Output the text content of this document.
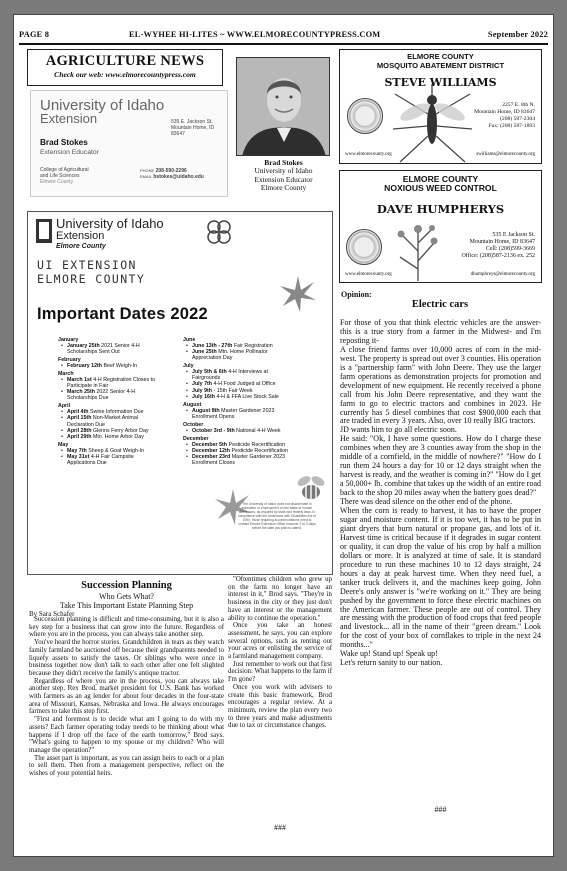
PAGE 8	EL-WYHEE HI-LITES ~ WWW.ELMORECOUNTYPRESS.COM	September 2022
AGRICULTURE NEWS
Check our web: www.elmorecountypress.com
University of Idaho
Extension	535 E. Jackson St.
Mountain Home, ID 83647
Brad Stokes
Extension Educator
College of Agricultural
and Life Sciences
Elmore County
PHONE 208-590-2296
EMAIL bstokes@uidaho.edu
Brad Stokes
University of Idaho
Extension Educator
Elmore County
ELMORE COUNTY
MOSQUITO ABATEMENT DISTRICT
STEVE WILLIAMS
2257 E. 8th N.
Mountain Home, ID 83647
(208) 587-2304
Fax: (208) 587-1893
www.elmorecounty.org	swilliams@elmorecounty.org
ELMORE COUNTY
NOXIOUS WEED CONTROL
DAVE HUMPHERYS
535 E Jackson St.
Mountain Home, ID 83647
Cell: (208)599-3669
Office: (208)587-2136 ex. 252
www.elmorecounty.org	dhumphreys@elmorecounty.org
University of Idaho
Extension
Elmore County
UI EXTENSION
ELMORE COUNTY
Important Dates 2022
January
• January 25th 2021 Senior 4-H Scholarships Sent Out
February
• February 12th Beef Weigh-In
March
• March 1st 4-H Registration Closes to Participate in Fair
• March 25th 2022 Senior 4-H Scholarships Due
April
• April 4th Swine Information Due
• April 15th Non-Market Animal Declaration Due
• April 28th Glenns Ferry Arbor Day
• April 29th Mtn. Home Arbor Day
May
• May 7th Sheep & Goat Weigh-In
• May 31st 4-H Fair Campsite Applications Due
June
• June 13th - 27th Fair Registration
• June 25th Mtn. Home Pollinator Appreciation Day
July
• July 5th & 6th 4-H Interviews at Fairgrounds
• July 7th 4-H Food Judged at Office
• July 9th - 15th Fair Week
• July 16th 4-H & FFA Live Stock Sale
August
• August 8th Master Gardener 2023 Enrollment Opens
October
• October 3rd - 9th National 4-H Week
December
• December 5th Pesticide Recertification
• December 12th Pesticide Recertification
• December 23rd Master Gardener 2023 Enrollment Closes
The University of Idaho does not discriminate in education or employment on the basis of human differences, as required by state and federal laws. In compliance with the Americans with Disabilities Act of 1990, those requiring accommodations need to contact Elmore Extension Office however 2 to 3 days before the date you plan to attend.
Succession Planning
Who Gets What?
Take This Important Estate Planning Step
By Sara Schafer

Succession planning is difficult and time-consuming, but it is also a key step for a business that can grow into the future. Regardless of where you are in the process, you can always take another step.

You've heard the horror stories. Grandchildren in tears as they watch family farmland be auctioned off because their grandparents needed to liquefy assets to satisfy the taxes. Or siblings who were once in business together now don't talk to each other after one felt slighted because they didn't receive the family's antique tractor.

Regardless of where you are in the process, you can always take another step. Rex Brod, market president for U.S. Bank has worked with farmers as an ag lender for about four decades in the four-state area of Missouri, Kansas, Nebraska and Iowa. He always encourages farmers to take this step first.

"First and foremost is to decide what am I going to do with my assets? Each farmer operating today needs to be thinking about what happens if I drop off the face of the earth tomorrow," Brod says. "What's going to happen to my spouse or my children? Who will manage the operation?"

The asset part is important, as you can assign heirs to each or a plan to sell them. Then from a management perspective, reflect on the wishes of your potential heirs.

"Oftentimes children who grew up on the farm no longer have an interest in it," Brod says. "They're in business in the city or they just don't have an interest or the management ability to continue the operation."

Once you take an honest assessment, he says, you can explore several options, such as renting out your acres or enlisting the service of a farmland management company.

Just remember to work out that first decision: What happens to the farm if I'm gone?

Once you work with advisers to create this basic framework, Brod encourages a regular review. At a minimum, review the plan every two to three years and make adjustments due to tax or circumstance changes.

###
Opinion:
Electric cars

For those of you that think electric vehicles are the answer- this is a true story from a farmer in the Midwest- and I'm reposting it-

A close friend farms over 10,000 acres of corn in the mid-west. The property is spread out over 3 counties. His operation is a "partnership farm" with John Deere. They use the larger farm operations as demonstration projects for promotion and development of new equipment. He recently received a phone call from his John Deere representative, and they want the farm to go to electric tractors and combines in 2023. He currently has 5 diesel combines that cost $900,000 each that are traded in every 3 years. Also, over 10 really BIG tractors.

JD wants him to go all electric soon.

He said: "Ok, I have some questions. How do I charge these combines when they are 3 counties away from the shop in the middle of a cornfield, in the middle of nowhere?" "How do I run them 24 hours a day for 10 or 12 days straight when the harvest is ready, and the weather is coming in?" "How do I get a 50,000+ lb. combine that takes up the width of an entire road back to the shop 20 miles away when the battery goes dead?"

There was dead silence on the other end of the phone.

When the corn is ready to harvest, it has to have the proper sugar and moisture content. If it is too wet, it has to be put in giant dryers that burn natural or propane gas, and lots of it. Harvest time is critical because if it degrades in sugar content or quality, it can drop the value of his crop by half a million dollars or more. It is analyzed at time of sale. It is standard procedure to run these machines 10 to 12 days straight, 24 hours a day at peak harvest time. When they need fuel, a tanker truck delivers it, and the machines keep going. John Deere's only answer is "we're working on it." They are being pushed by the government to force these electric machines on the American farmer. These people are out of control. They are messing with the production of food crops that feed people and livestock... all in the name of their "green dream." Look for the cost of your box of cornflakes to triple in the next 24 months..."

Wake up! Stand up! Speak up!

Let's return sanity to our nation.

###
